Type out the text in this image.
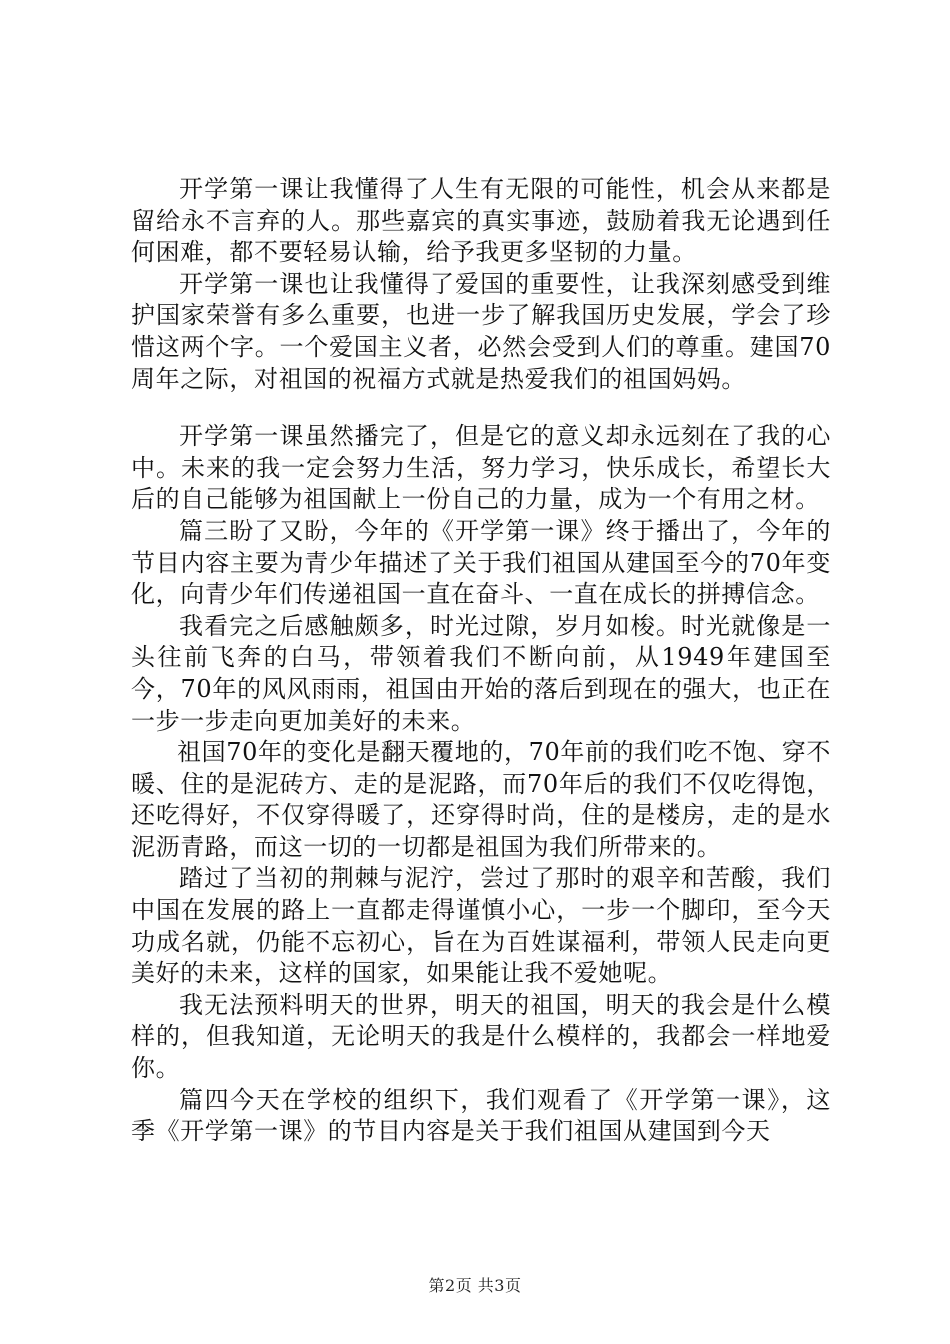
开学第一课让我懂得了人生有无限的可能性，机会从来都是留给永不言弃的人。那些嘉宾的真实事迹，鼓励着我无论遇到任何困难，都不要轻易认输，给予我更多坚韧的力量。

开学第一课也让我懂得了爱国的重要性，让我深刻感受到维护国家荣誉有多么重要，也进一步了解我国历史发展，学会了珍惜这两个字。一个爱国主义者，必然会受到人们的尊重。建国70周年之际，对祖国的祝福方式就是热爱我们的祖国妈妈。

开学第一课虽然播完了，但是它的意义却永远刻在了我的心中。未来的我一定会努力生活，努力学习，快乐成长，希望长大后的自己能够为祖国献上一份自己的力量，成为一个有用之材。

篇三盼了又盼，今年的《开学第一课》终于播出了，今年的节目内容主要为青少年描述了关于我们祖国从建国至今的70年变化，向青少年们传递祖国一直在奋斗、一直在成长的拼搏信念。

我看完之后感触颇多，时光过隙，岁月如梭。时光就像是一头往前飞奔的白马，带领着我们不断向前，从1949年建国至今，70年的风风雨雨，祖国由开始的落后到现在的强大，也正在一步一步走向更加美好的未来。

祖国70年的变化是翻天覆地的，70年前的我们吃不饱、穿不暖、住的是泥砖方、走的是泥路，而70年后的我们不仅吃得饱，还吃得好，不仅穿得暖了，还穿得时尚，住的是楼房，走的是水泥沥青路，而这一切的一切都是祖国为我们所带来的。

踏过了当初的荆棘与泥泞，尝过了那时的艰辛和苦酸，我们中国在发展的路上一直都走得谨慎小心，一步一个脚印，至今天功成名就，仍能不忘初心，旨在为百姓谋福利，带领人民走向更美好的未来，这样的国家，如果能让我不爱她呢。

我无法预料明天的世界，明天的祖国，明天的我会是什么模样的，但我知道，无论明天的我是什么模样的，我都会一样地爱你。

篇四今天在学校的组织下，我们观看了《开学第一课》，这季《开学第一课》的节目内容是关于我们祖国从建国到今天

第2页 共3页
